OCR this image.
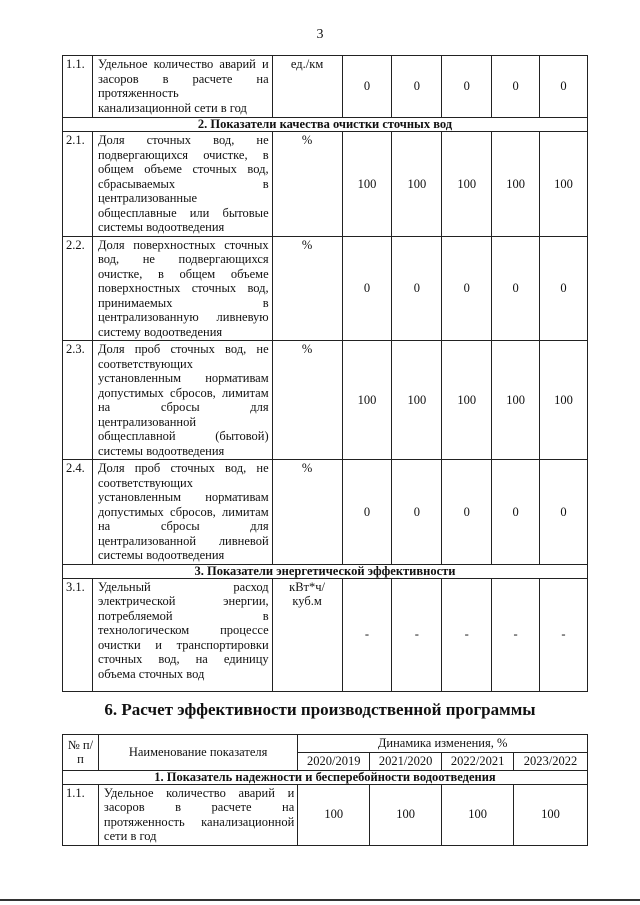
3
1.1.	Удельное количество аварий и засоров в расчете на протяженность канализационной сети в год	ед./км	0	0	0	0	0
2. Показатели качества очистки сточных вод							
2.1.	Доля сточных вод, не подвергающихся очистке, в общем объеме сточных вод, сбрасываемых в централизованные общесплавные или бытовые системы водоотведения	%	100	100	100	100	100
2.2.	Доля поверхностных сточных вод, не подвергающихся очистке, в общем объеме поверхностных сточных вод, принимаемых в централизованную ливневую систему водоотведения	%	0	0	0	0	0
2.3.	Доля проб сточных вод, не соответствующих установленным нормативам допустимых сбросов, лимитам на сбросы для централизованной общесплавной (бытовой) системы водоотведения	%	100	100	100	100	100
2.4.	Доля проб сточных вод, не соответствующих установленным нормативам допустимых сбросов, лимитам на сбросы для централизованной ливневой системы водоотведения	%	0	0	0	0	0
3. Показатели энергетической эффективности							
3.1.	Удельный расход электрической энергии, потребляемой в технологическом процессе очистки и транспортировки сточных вод, на единицу объема сточных вод	кВт*ч/ куб.м	-	-	-	-	-
6. Расчет эффективности производственной программы
№ п/п	Наименование показателя	Динамика изменения, %			
		2020/2019	2021/2020	2022/2021	2023/2022
1. Показатель надежности и бесперебойности водоотведения					
1.1.	Удельное количество аварий и засоров в расчете на протяженность канализационной сети в год	100	100	100	100
